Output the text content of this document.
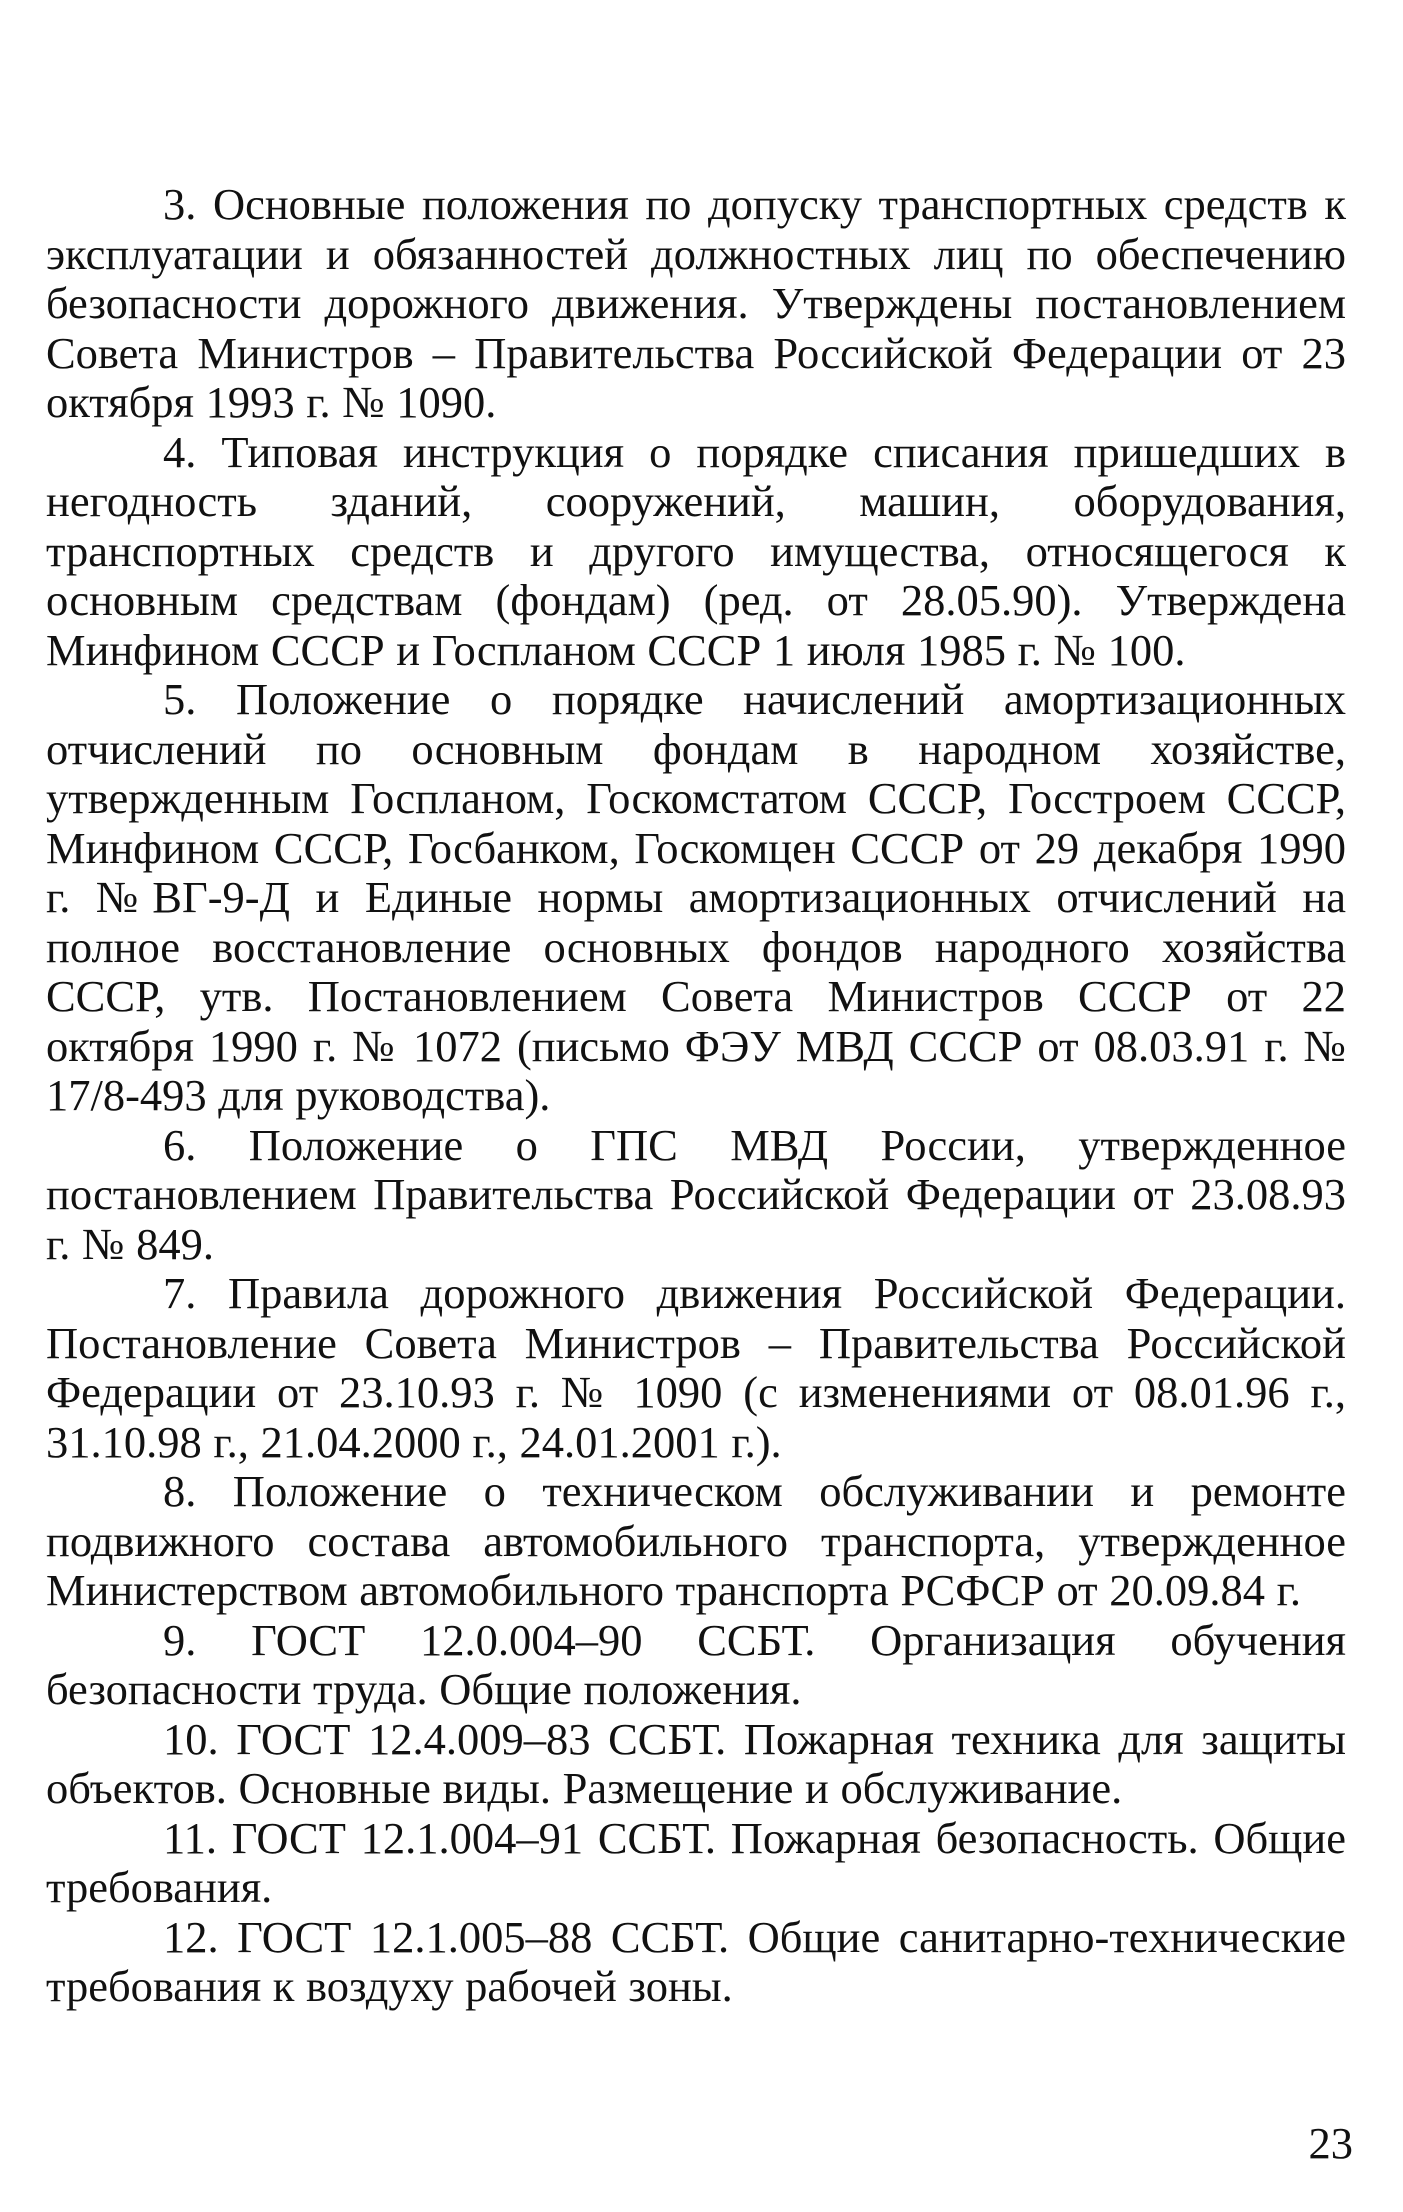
3. Основные положения по допуску транспортных средств к эксплуатации и обязанностей должностных лиц по обеспечению безопасности дорожного движения. Утверждены постановлением Совета Министров – Правительства Российской Федерации от 23 октября 1993 г. № 1090.

4. Типовая инструкция о порядке списания пришедших в негодность зданий, сооружений, машин, оборудования, транспортных средств и другого имущества, относящегося к основным средствам (фондам) (ред. от 28.05.90). Утверждена Минфином СССР и Госпланом СССР 1 июля 1985 г. № 100.

5. Положение о порядке начислений амортизационных отчислений по основным фондам в народном хозяйстве, утвержденным Госпланом, Госкомстатом СССР, Госстроем СССР, Минфином СССР, Госбанком, Госкомцен СССР от 29 декабря 1990 г. №ВГ-9-Д и Единые нормы амортизационных отчислений на полное восстановление основных фондов народного хозяйства СССР, утв. Постановлением Совета Министров СССР от 22 октября 1990 г. № 1072 (письмо ФЭУ МВД СССР от 08.03.91 г. № 17/8-493 для руководства).

6. Положение о ГПС МВД России, утвержденное постановлением Правительства Российской Федерации от 23.08.93 г. № 849.

7. Правила дорожного движения Российской Федерации. Постановление Совета Министров – Правительства Российской Федерации от 23.10.93 г. № 1090 (с изменениями от 08.01.96 г., 31.10.98 г., 21.04.2000 г., 24.01.2001 г.).

8. Положение о техническом обслуживании и ремонте подвижного состава автомобильного транспорта, утвержденное Министерством автомобильного транспорта РСФСР от 20.09.84 г.

9. ГОСТ 12.0.004–90 ССБТ. Организация обучения безопасности труда. Общие положения.

10. ГОСТ 12.4.009–83 ССБТ. Пожарная техника для защиты объектов. Основные виды. Размещение и обслуживание.

11. ГОСТ 12.1.004–91 ССБТ. Пожарная безопасность. Общие требования.

12. ГОСТ 12.1.005–88 ССБТ. Общие санитарно-технические требования к воздуху рабочей зоны.

23
